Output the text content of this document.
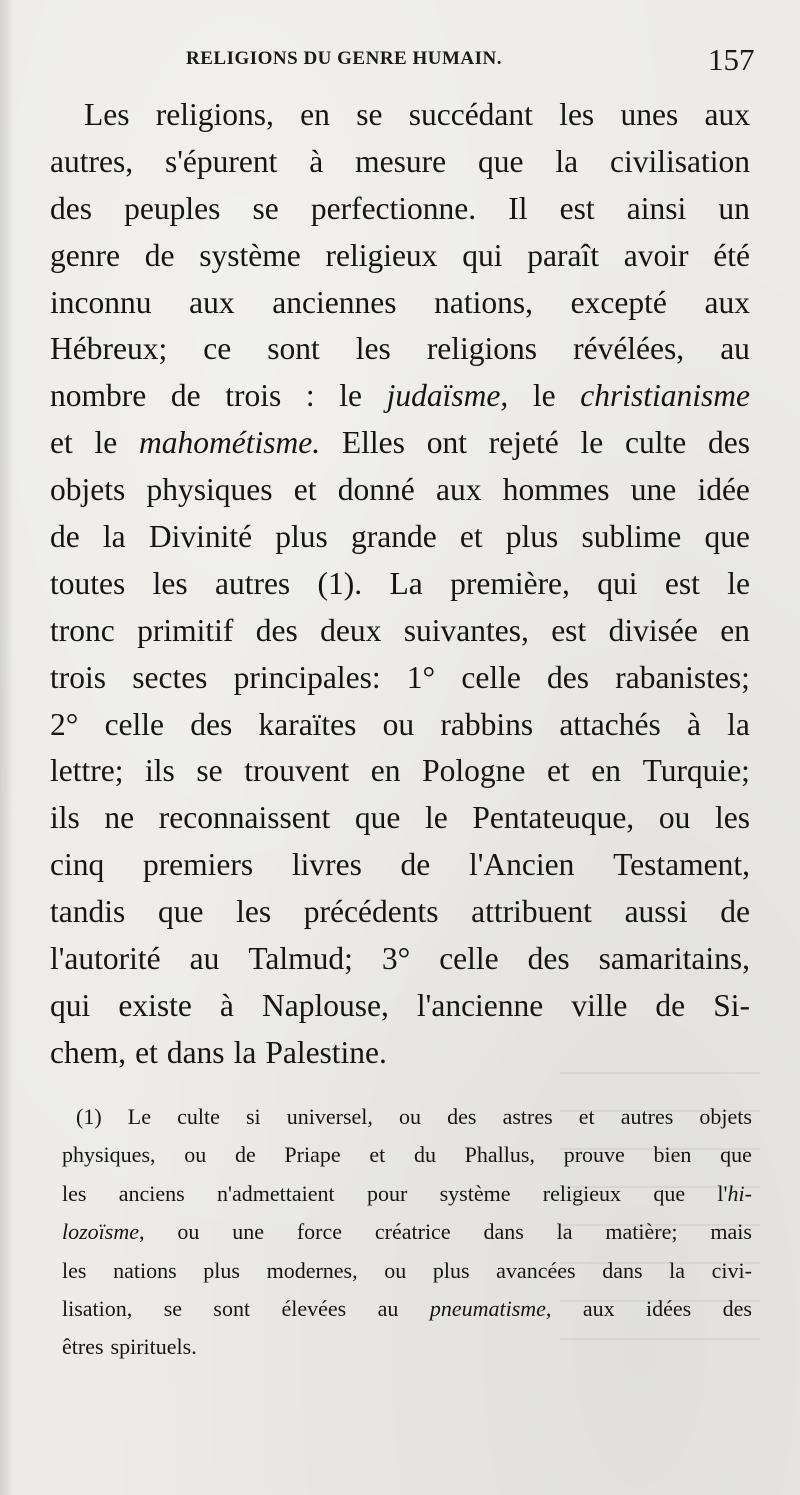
RELIGIONS DU GENRE HUMAIN.	157
Les religions, en se succédant les unes aux
autres, s'épurent à mesure que la civilisation
des peuples se perfectionne. Il est ainsi un
genre de système religieux qui paraît avoir été
inconnu aux anciennes nations, excepté aux
Hébreux; ce sont les religions révélées, au
nombre de trois : le judaïsme, le christianisme
et le mahométisme. Elles ont rejeté le culte des
objets physiques et donné aux hommes une idée
de la Divinité plus grande et plus sublime que
toutes les autres (1). La première, qui est le
tronc primitif des deux suivantes, est divisée en
trois sectes principales: 1° celle des rabanistes;
2° celle des karaïtes ou rabbins attachés à la
lettre; ils se trouvent en Pologne et en Turquie;
ils ne reconnaissent que le Pentateuque, ou les
cinq premiers livres de l'Ancien Testament,
tandis que les précédents attribuent aussi de
l'autorité au Talmud; 3° celle des samaritains,
qui existe à Naplouse, l'ancienne ville de Si-
chem, et dans la Palestine.
(1) Le culte si universel, ou des astres et autres objets
physiques, ou de Priape et du Phallus, prouve bien que
les anciens n'admettaient pour système religieux que l'hi-
lozoïsme, ou une force créatrice dans la matière; mais
les nations plus modernes, ou plus avancées dans la civi-
lisation, se sont élevées au pneumatisme, aux idées des
êtres spirituels.
